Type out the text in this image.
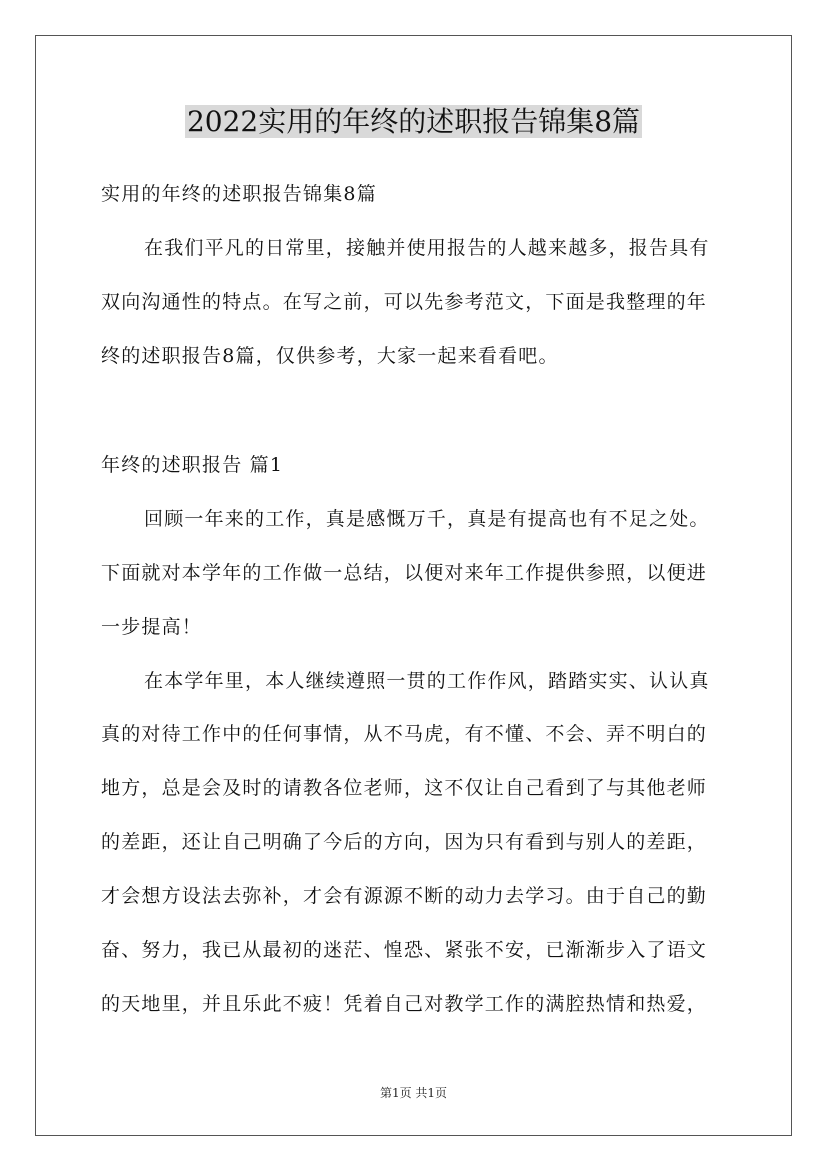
2022实用的年终的述职报告锦集8篇
实用的年终的述职报告锦集8篇
在我们平凡的日常里，接触并使用报告的人越来越多，报告具有
双向沟通性的特点。在写之前，可以先参考范文，下面是我整理的年
终的述职报告8篇，仅供参考，大家一起来看看吧。
年终的述职报告 篇1
回顾一年来的工作，真是感慨万千，真是有提高也有不足之处。
下面就对本学年的工作做一总结，以便对来年工作提供参照，以便进
一步提高！
在本学年里，本人继续遵照一贯的工作作风，踏踏实实、认认真
真的对待工作中的任何事情，从不马虎，有不懂、不会、弄不明白的
地方，总是会及时的请教各位老师，这不仅让自己看到了与其他老师
的差距，还让自己明确了今后的方向，因为只有看到与别人的差距，
才会想方设法去弥补，才会有源源不断的动力去学习。由于自己的勤
奋、努力，我已从最初的迷茫、惶恐、紧张不安，已渐渐步入了语文
的天地里，并且乐此不疲！凭着自己对教学工作的满腔热情和热爱，
第1页 共1页
